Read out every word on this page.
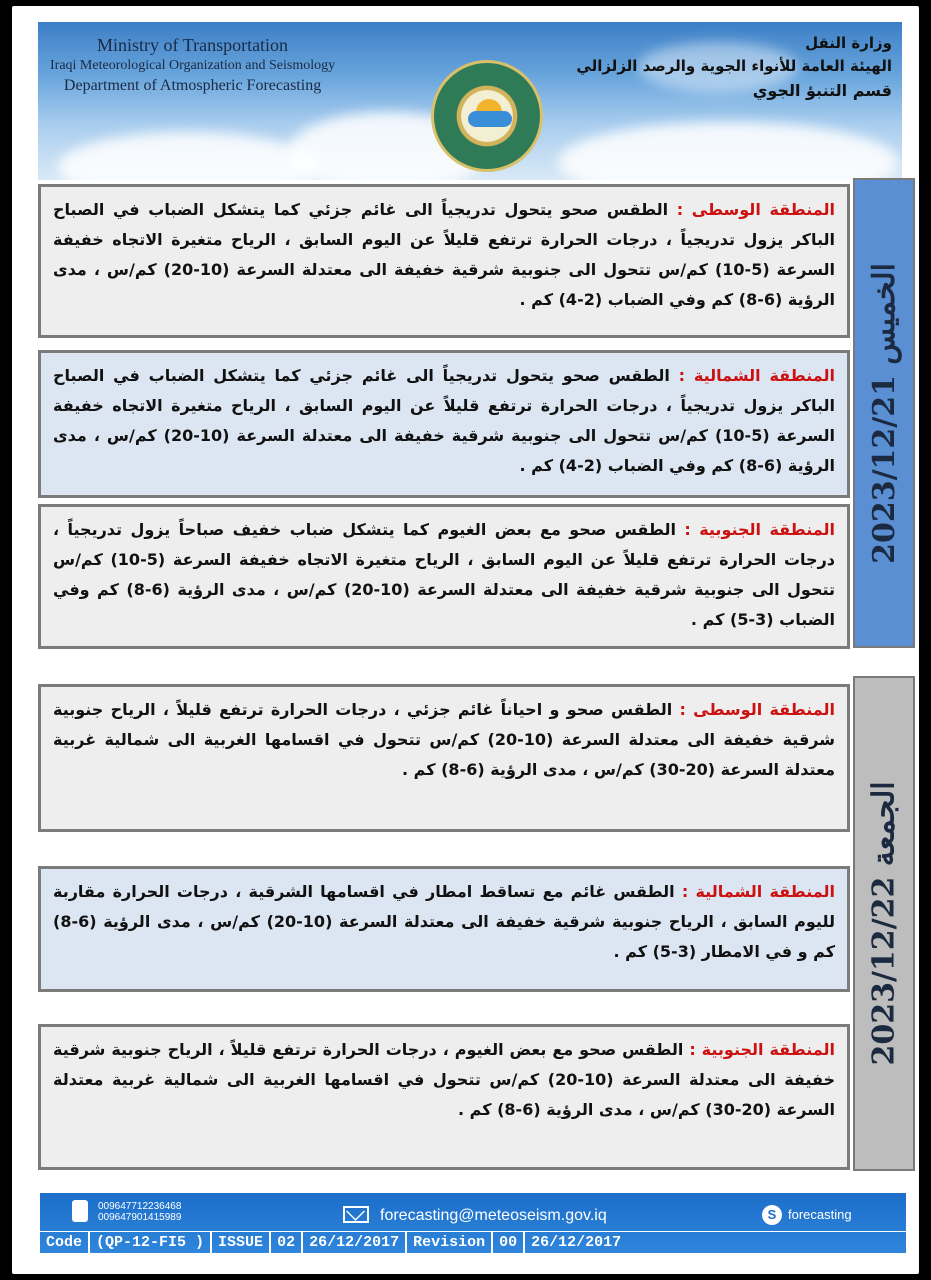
Ministry of Transportation
Iraqi Meteorological Organization and Seismology
Department of Atmospheric Forecasting
وزارة النقل
الهيئة العامة للأنواء الجوية والرصد الزلزالي
قسم التنبؤ الجوي
الخميس 2023/12/21
المنطقة الوسطى : الطقس صحو يتحول تدريجياً الى غائم جزئي كما يتشكل الضباب في الصباح الباكر يزول تدريجياً ، درجات الحرارة ترتفع قليلاً عن اليوم السابق ، الرياح متغيرة الاتجاه خفيفة السرعة (5-10) كم/س تتحول الى جنوبية شرقية خفيفة الى معتدلة السرعة (10-20) كم/س ، مدى الرؤية (6-8) كم وفي الضباب (2-4) كم .
المنطقة الشمالية : الطقس صحو يتحول تدريجياً الى غائم جزئي كما يتشكل الضباب في الصباح الباكر يزول تدريجياً ، درجات الحرارة ترتفع قليلاً عن اليوم السابق ، الرياح متغيرة الاتجاه خفيفة السرعة (5-10) كم/س تتحول الى جنوبية شرقية خفيفة الى معتدلة السرعة (10-20) كم/س ، مدى الرؤية (6-8) كم وفي الضباب (2-4) كم .
المنطقة الجنوبية : الطقس صحو مع بعض الغيوم كما يتشكل ضباب خفيف صباحاً يزول تدريجياً ، درجات الحرارة ترتفع قليلاً عن اليوم السابق ، الرياح متغيرة الاتجاه خفيفة السرعة (5-10) كم/س تتحول الى جنوبية شرقية خفيفة الى معتدلة السرعة (10-20) كم/س ، مدى الرؤية (6-8) كم وفي الضباب (3-5) كم .
الجمعة 2023/12/22
المنطقة الوسطى : الطقس صحو و احياناً غائم جزئي ، درجات الحرارة ترتفع قليلاً ، الرياح جنوبية شرقية خفيفة الى معتدلة السرعة (10-20) كم/س تتحول في اقسامها الغربية الى شمالية غربية معتدلة السرعة (20-30) كم/س ، مدى الرؤية (6-8) كم .
المنطقة الشمالية : الطقس غائم مع تساقط امطار في اقسامها الشرقية ، درجات الحرارة مقاربة لليوم السابق ، الرياح جنوبية شرقية خفيفة الى معتدلة السرعة (10-20) كم/س ، مدى الرؤية (6-8) كم و في الامطار (3-5) كم .
المنطقة الجنوبية : الطقس صحو مع بعض الغيوم ، درجات الحرارة ترتفع قليلاً ، الرياح جنوبية شرقية خفيفة الى معتدلة السرعة (10-20) كم/س تتحول في اقسامها الغربية الى شمالية غربية معتدلة السرعة (20-30) كم/س ، مدى الرؤية (6-8) كم .
009647712236468
009647901415989	forecasting@meteoseism.gov.iq	S forecasting
Code (QP-12-FI5 ) ISSUE 02 26/12/2017 Revision 00 26/12/2017
